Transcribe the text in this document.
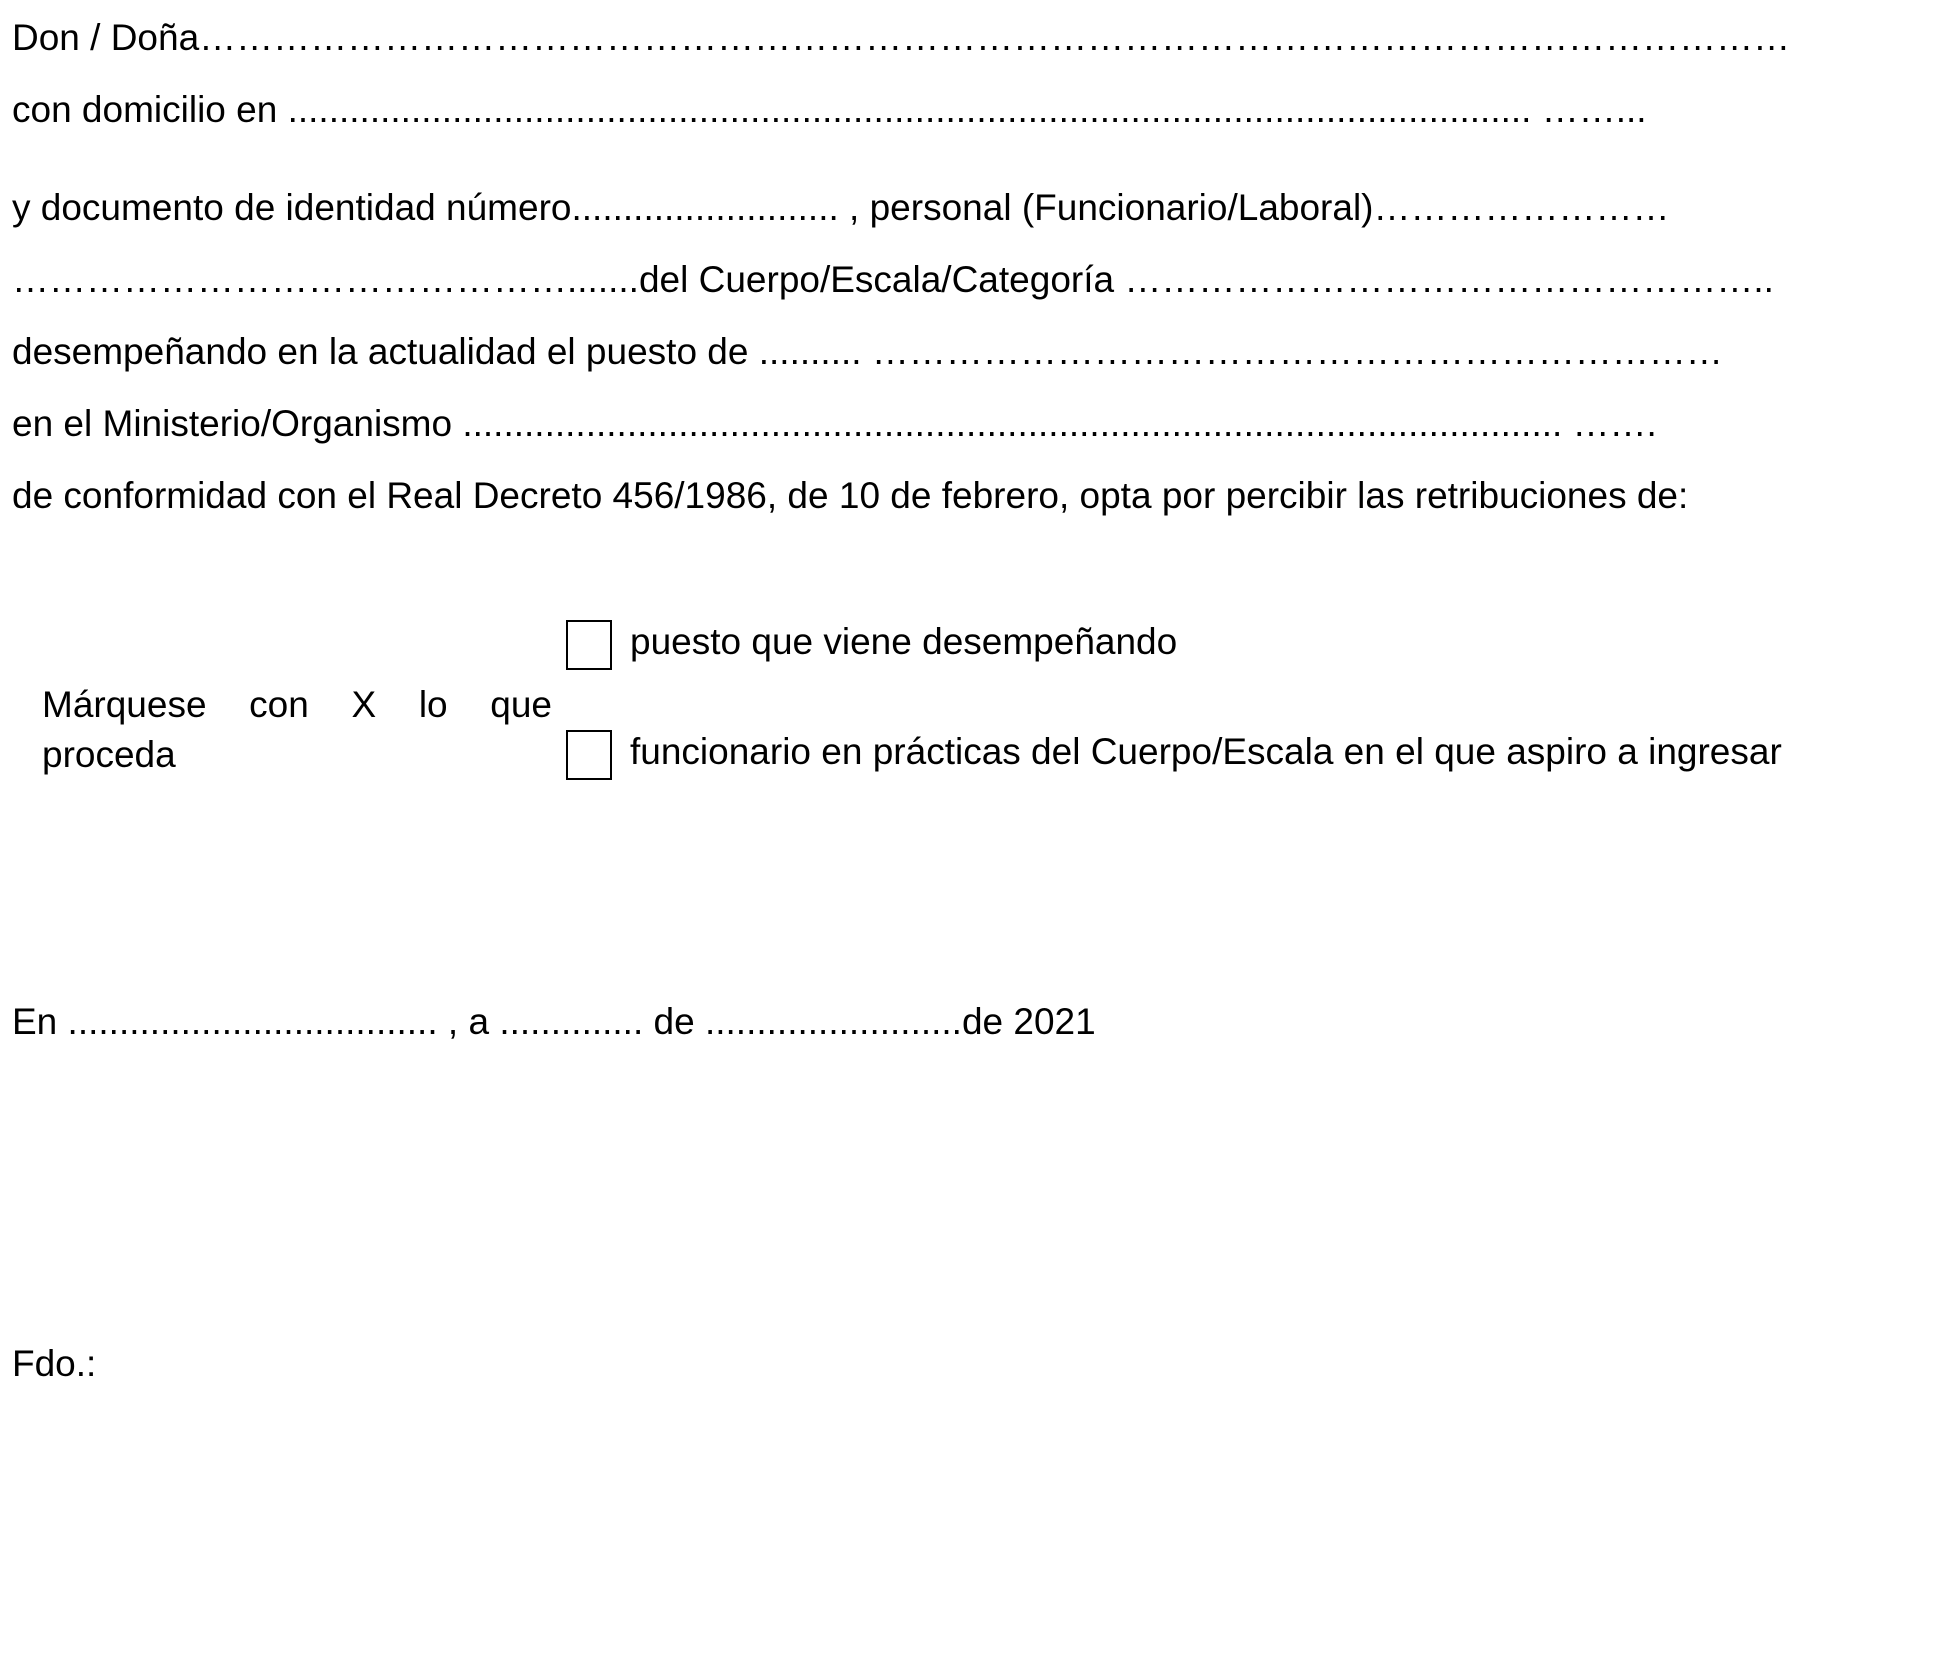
Don / Doña…………………………………………………………………………………………………………………
con domicilio en ......................................................................................................................... ……...
y documento de identidad número.......................... , personal (Funcionario/Laboral)……………………
……………………………………….......del Cuerpo/Escala/Categoría ……………………………………………..
desempeñando en la actualidad el puesto de .......... ……………………………………………………………
en el Ministerio/Organismo ........................................................................................................... …….
de conformidad con el Real Decreto 456/1986, de 10 de febrero, opta por percibir las retribuciones de:
Márquese con X lo que proceda
puesto que viene desempeñando
funcionario en prácticas del Cuerpo/Escala en el que aspiro a ingresar
En .................................... , a .............. de .........................de 2021
Fdo.:
